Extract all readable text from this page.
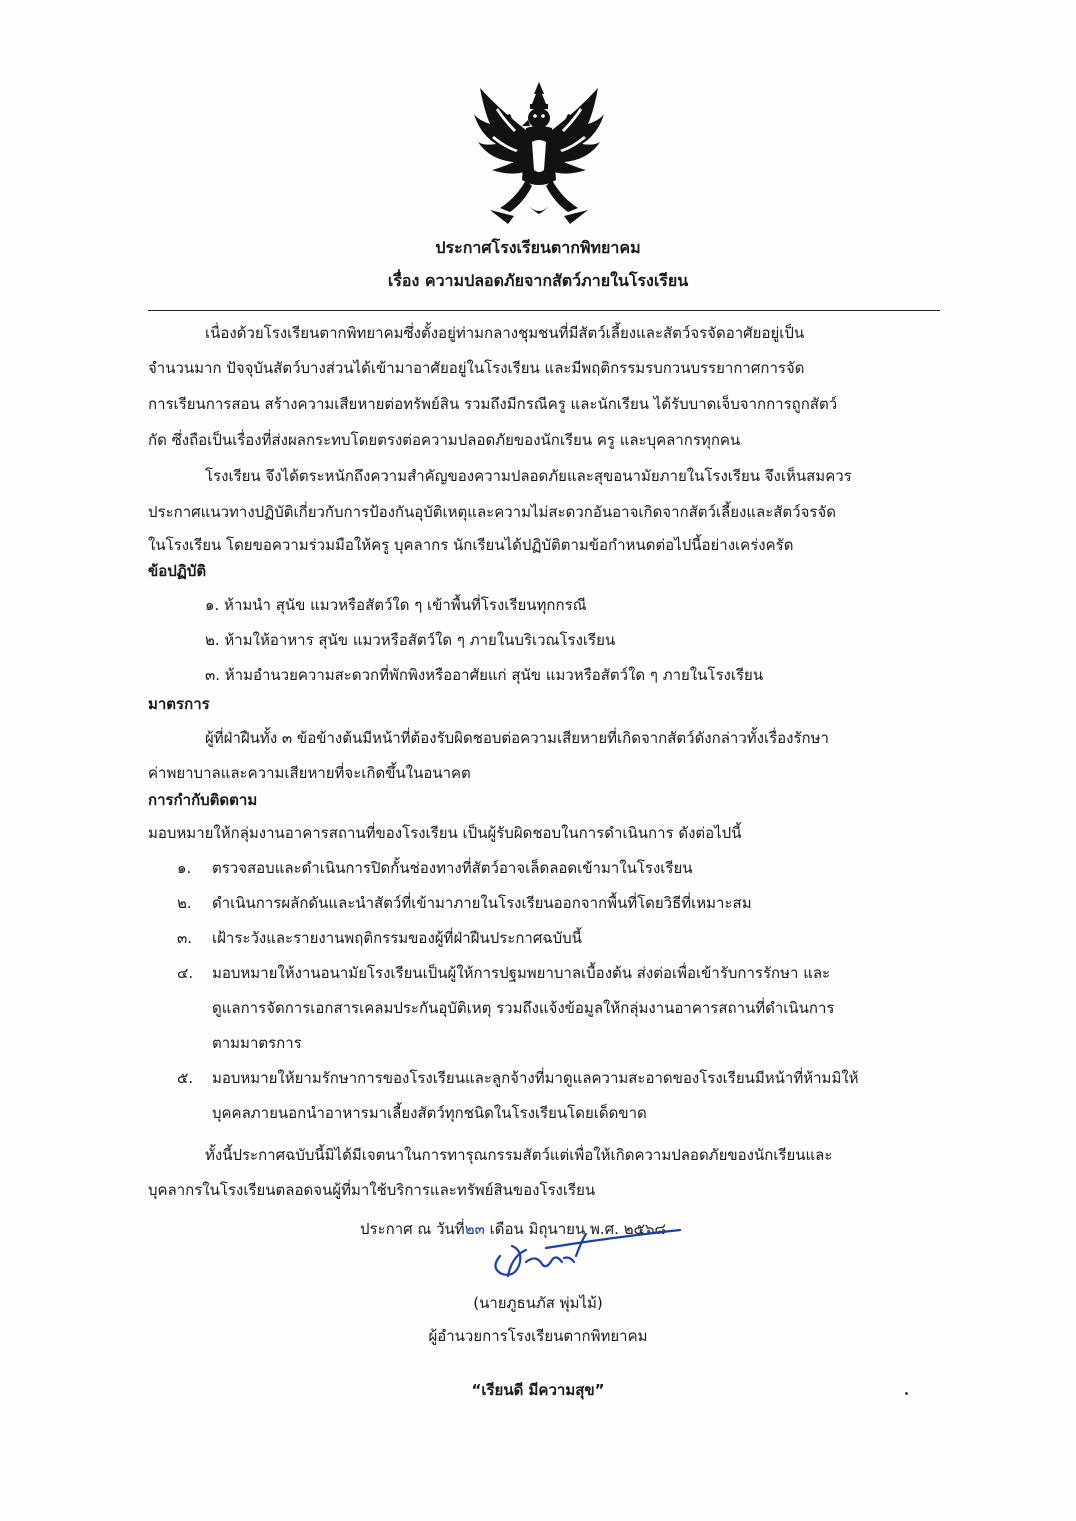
ประกาศโรงเรียนตากพิทยาคม
เรื่อง ความปลอดภัยจากสัตว์ภายในโรงเรียน
เนื่องด้วยโรงเรียนตากพิทยาคมซึ่งตั้งอยู่ท่ามกลางชุมชนที่มีสัตว์เลี้ยงและสัตว์จรจัดอาศัยอยู่เป็น
จำนวนมาก ปัจจุบันสัตว์บางส่วนได้เข้ามาอาศัยอยู่ในโรงเรียน และมีพฤติกรรมรบกวนบรรยากาศการจัด
การเรียนการสอน สร้างความเสียหายต่อทรัพย์สิน รวมถึงมีกรณีครู และนักเรียน ได้รับบาดเจ็บจากการถูกสัตว์
กัด ซึ่งถือเป็นเรื่องที่ส่งผลกระทบโดยตรงต่อความปลอดภัยของนักเรียน ครู และบุคลากรทุกคน
โรงเรียน จึงได้ตระหนักถึงความสำคัญของความปลอดภัยและสุขอนามัยภายในโรงเรียน จึงเห็นสมควร
ประกาศแนวทางปฏิบัติเกี่ยวกับการป้องกันอุบัติเหตุและความไม่สะดวกอันอาจเกิดจากสัตว์เลี้ยงและสัตว์จรจัด
ในโรงเรียน โดยขอความร่วมมือให้ครู บุคลากร นักเรียนได้ปฏิบัติตามข้อกำหนดต่อไปนี้อย่างเคร่งครัด
ข้อปฏิบัติ
๑. ห้ามนำ สุนัข แมวหรือสัตว์ใด ๆ เข้าพื้นที่โรงเรียนทุกกรณี
๒. ห้ามให้อาหาร สุนัข แมวหรือสัตว์ใด ๆ ภายในบริเวณโรงเรียน
๓. ห้ามอำนวยความสะดวกที่พักพิงหรืออาศัยแก่ สุนัข แมวหรือสัตว์ใด ๆ ภายในโรงเรียน
มาตรการ
ผู้ที่ฝ่าฝืนทั้ง ๓ ข้อข้างต้นมีหน้าที่ต้องรับผิดชอบต่อความเสียหายที่เกิดจากสัตว์ดังกล่าวทั้งเรื่องรักษา
ค่าพยาบาลและความเสียหายที่จะเกิดขึ้นในอนาคต
การกำกับติดตาม
มอบหมายให้กลุ่มงานอาคารสถานที่ของโรงเรียน เป็นผู้รับผิดชอบในการดำเนินการ ดังต่อไปนี้
๑. ตรวจสอบและดำเนินการปิดกั้นช่องทางที่สัตว์อาจเล็ดลอดเข้ามาในโรงเรียน
๒. ดำเนินการผลักดันและนำสัตว์ที่เข้ามาภายในโรงเรียนออกจากพื้นที่โดยวิธีที่เหมาะสม
๓. เฝ้าระวังและรายงานพฤติกรรมของผู้ที่ฝ่าฝืนประกาศฉบับนี้
๔. มอบหมายให้งานอนามัยโรงเรียนเป็นผู้ให้การปฐมพยาบาลเบื้องต้น ส่งต่อเพื่อเข้ารับการรักษา และ
ดูแลการจัดการเอกสารเคลมประกันอุบัติเหตุ รวมถึงแจ้งข้อมูลให้กลุ่มงานอาคารสถานที่ดำเนินการ
ตามมาตรการ
๕. มอบหมายให้ยามรักษาการของโรงเรียนและลูกจ้างที่มาดูแลความสะอาดของโรงเรียนมีหน้าที่ห้ามมิให้
บุคคลภายนอกนำอาหารมาเลี้ยงสัตว์ทุกชนิดในโรงเรียนโดยเด็ดขาด
ทั้งนี้ประกาศฉบับนี้มิได้มีเจตนาในการทารุณกรรมสัตว์แต่เพื่อให้เกิดความปลอดภัยของนักเรียนและ
บุคลากรในโรงเรียนตลอดจนผู้ที่มาใช้บริการและทรัพย์สินของโรงเรียน
ประกาศ ณ วันที่๒๓ เดือน มิถุนายน พ.ศ. ๒๕๖๘
(นายภูธนภัส พุ่มไม้)
ผู้อำนวยการโรงเรียนตากพิทยาคม
“เรียนดี มีความสุข”
